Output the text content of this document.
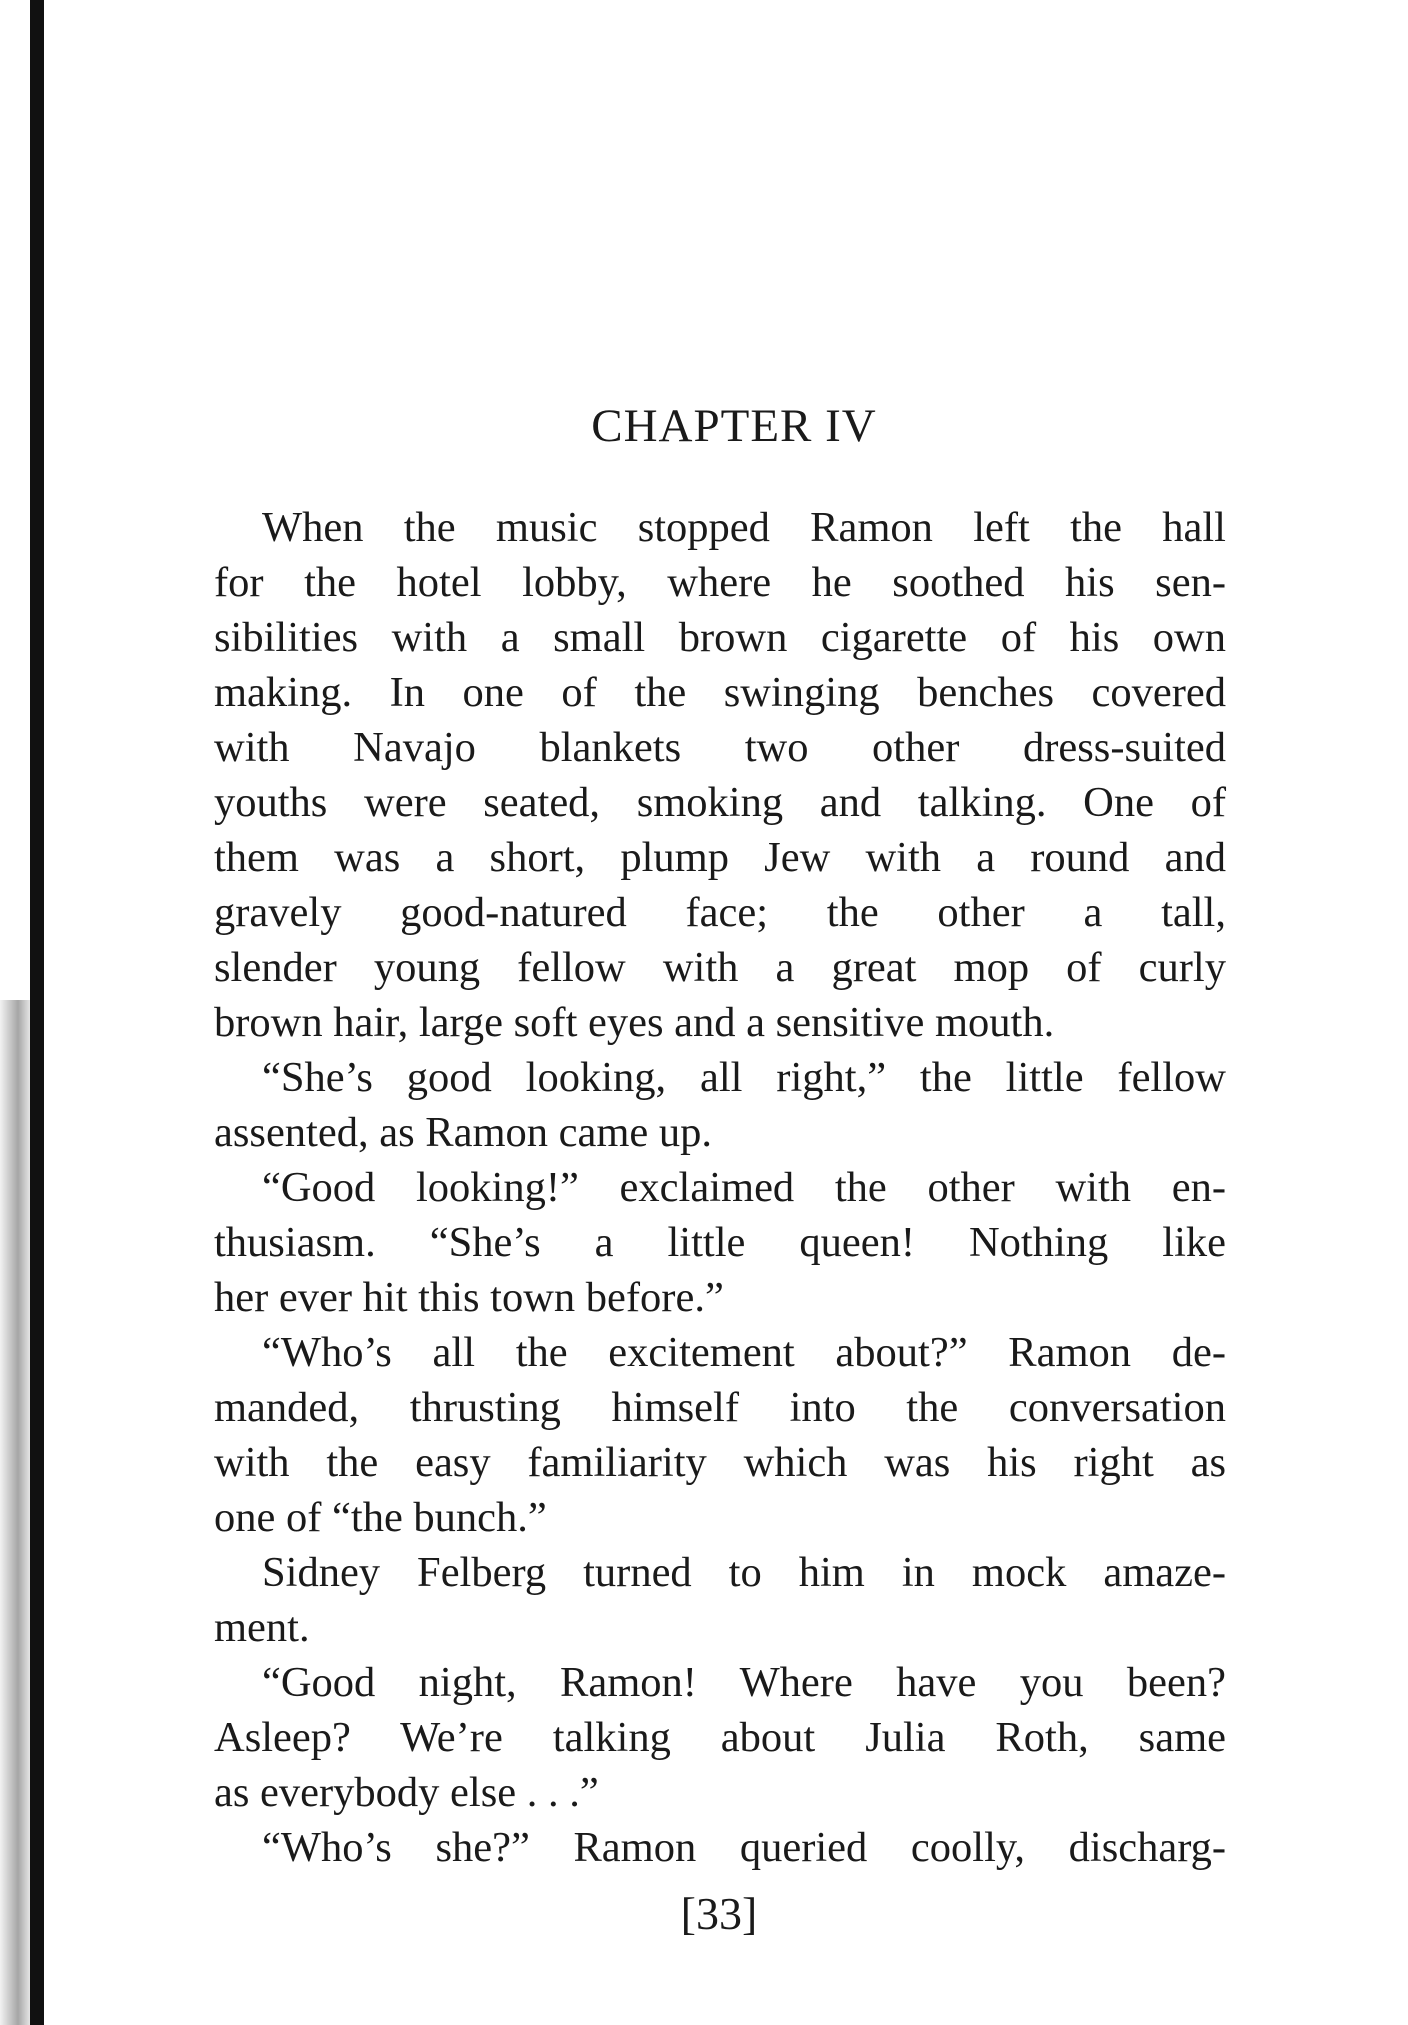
CHAPTER IV
When the music stopped Ramon left the hall
for the hotel lobby, where he soothed his sen-
sibilities with a small brown cigarette of his own
making. In one of the swinging benches covered
with Navajo blankets two other dress-suited
youths were seated, smoking and talking. One of
them was a short, plump Jew with a round and
gravely good-natured face; the other a tall,
slender young fellow with a great mop of curly
brown hair, large soft eyes and a sensitive mouth.
“She’s good looking, all right,” the little fellow
assented, as Ramon came up.
“Good looking!” exclaimed the other with en-
thusiasm. “She’s a little queen! Nothing like
her ever hit this town before.”
“Who’s all the excitement about?” Ramon de-
manded, thrusting himself into the conversation
with the easy familiarity which was his right as
one of “the bunch.”
Sidney Felberg turned to him in mock amaze-
ment.
“Good night, Ramon! Where have you been?
Asleep? We’re talking about Julia Roth, same
as everybody else . . .”
“Who’s she?” Ramon queried coolly, discharg-
[33]
